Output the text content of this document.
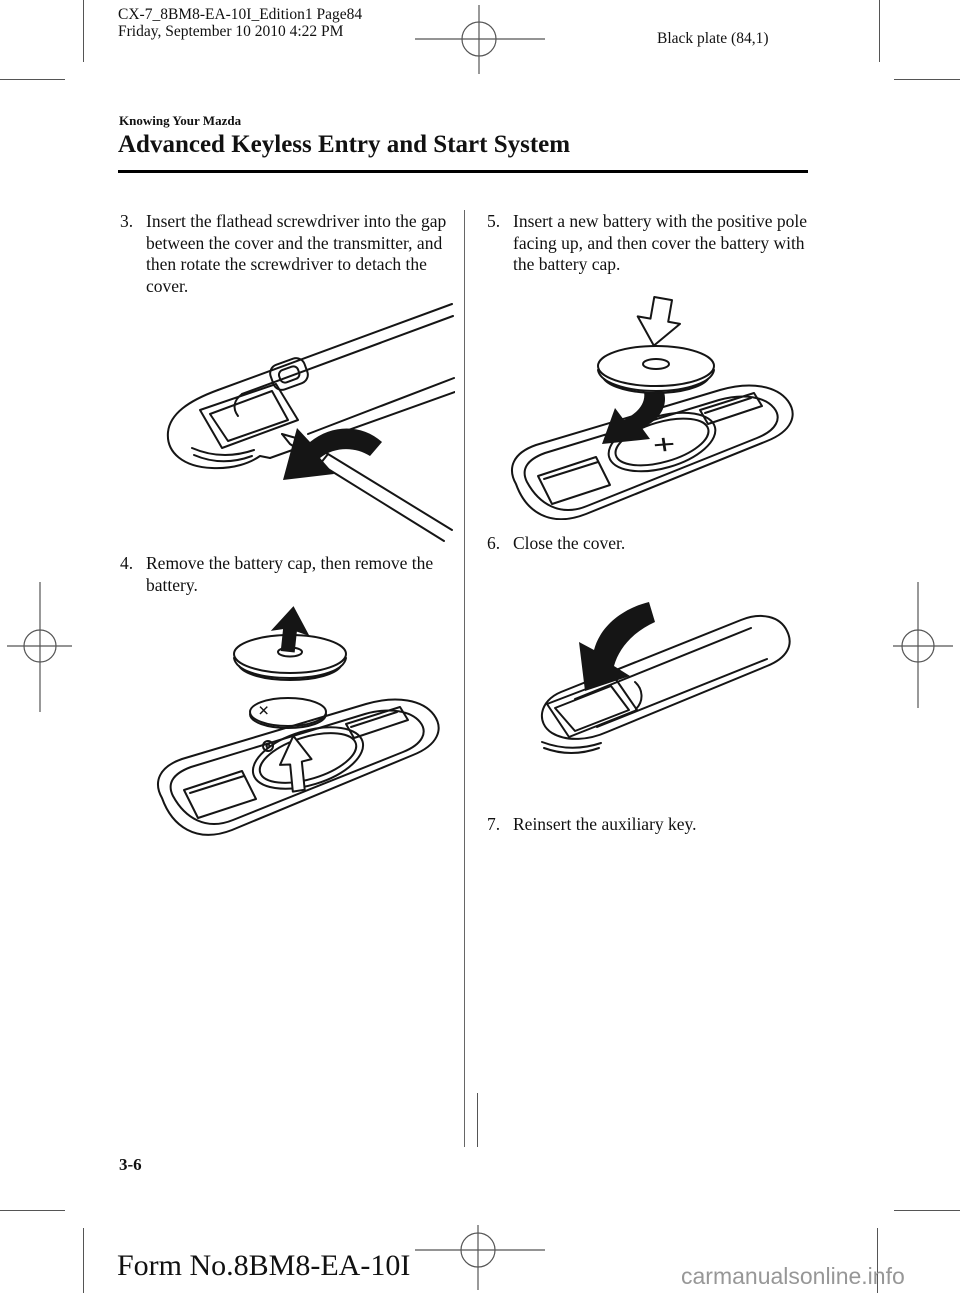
CX-7_8BM8-EA-10I_Edition1 Page84
Friday, September 10 2010 4:22 PM	Black plate (84,1)
Knowing Your Mazda
Advanced Keyless Entry and Start System
3. Insert the flathead screwdriver into the gap between the cover and the transmitter, and then rotate the screwdriver to detach the cover.
4. Remove the battery cap, then remove the battery.
×
5. Insert a new battery with the positive pole facing up, and then cover the battery with the battery cap.
+
6. Close the cover.
7. Reinsert the auxiliary key.
3-6
Form No.8BM8-EA-10I	carmanualsonline.info
